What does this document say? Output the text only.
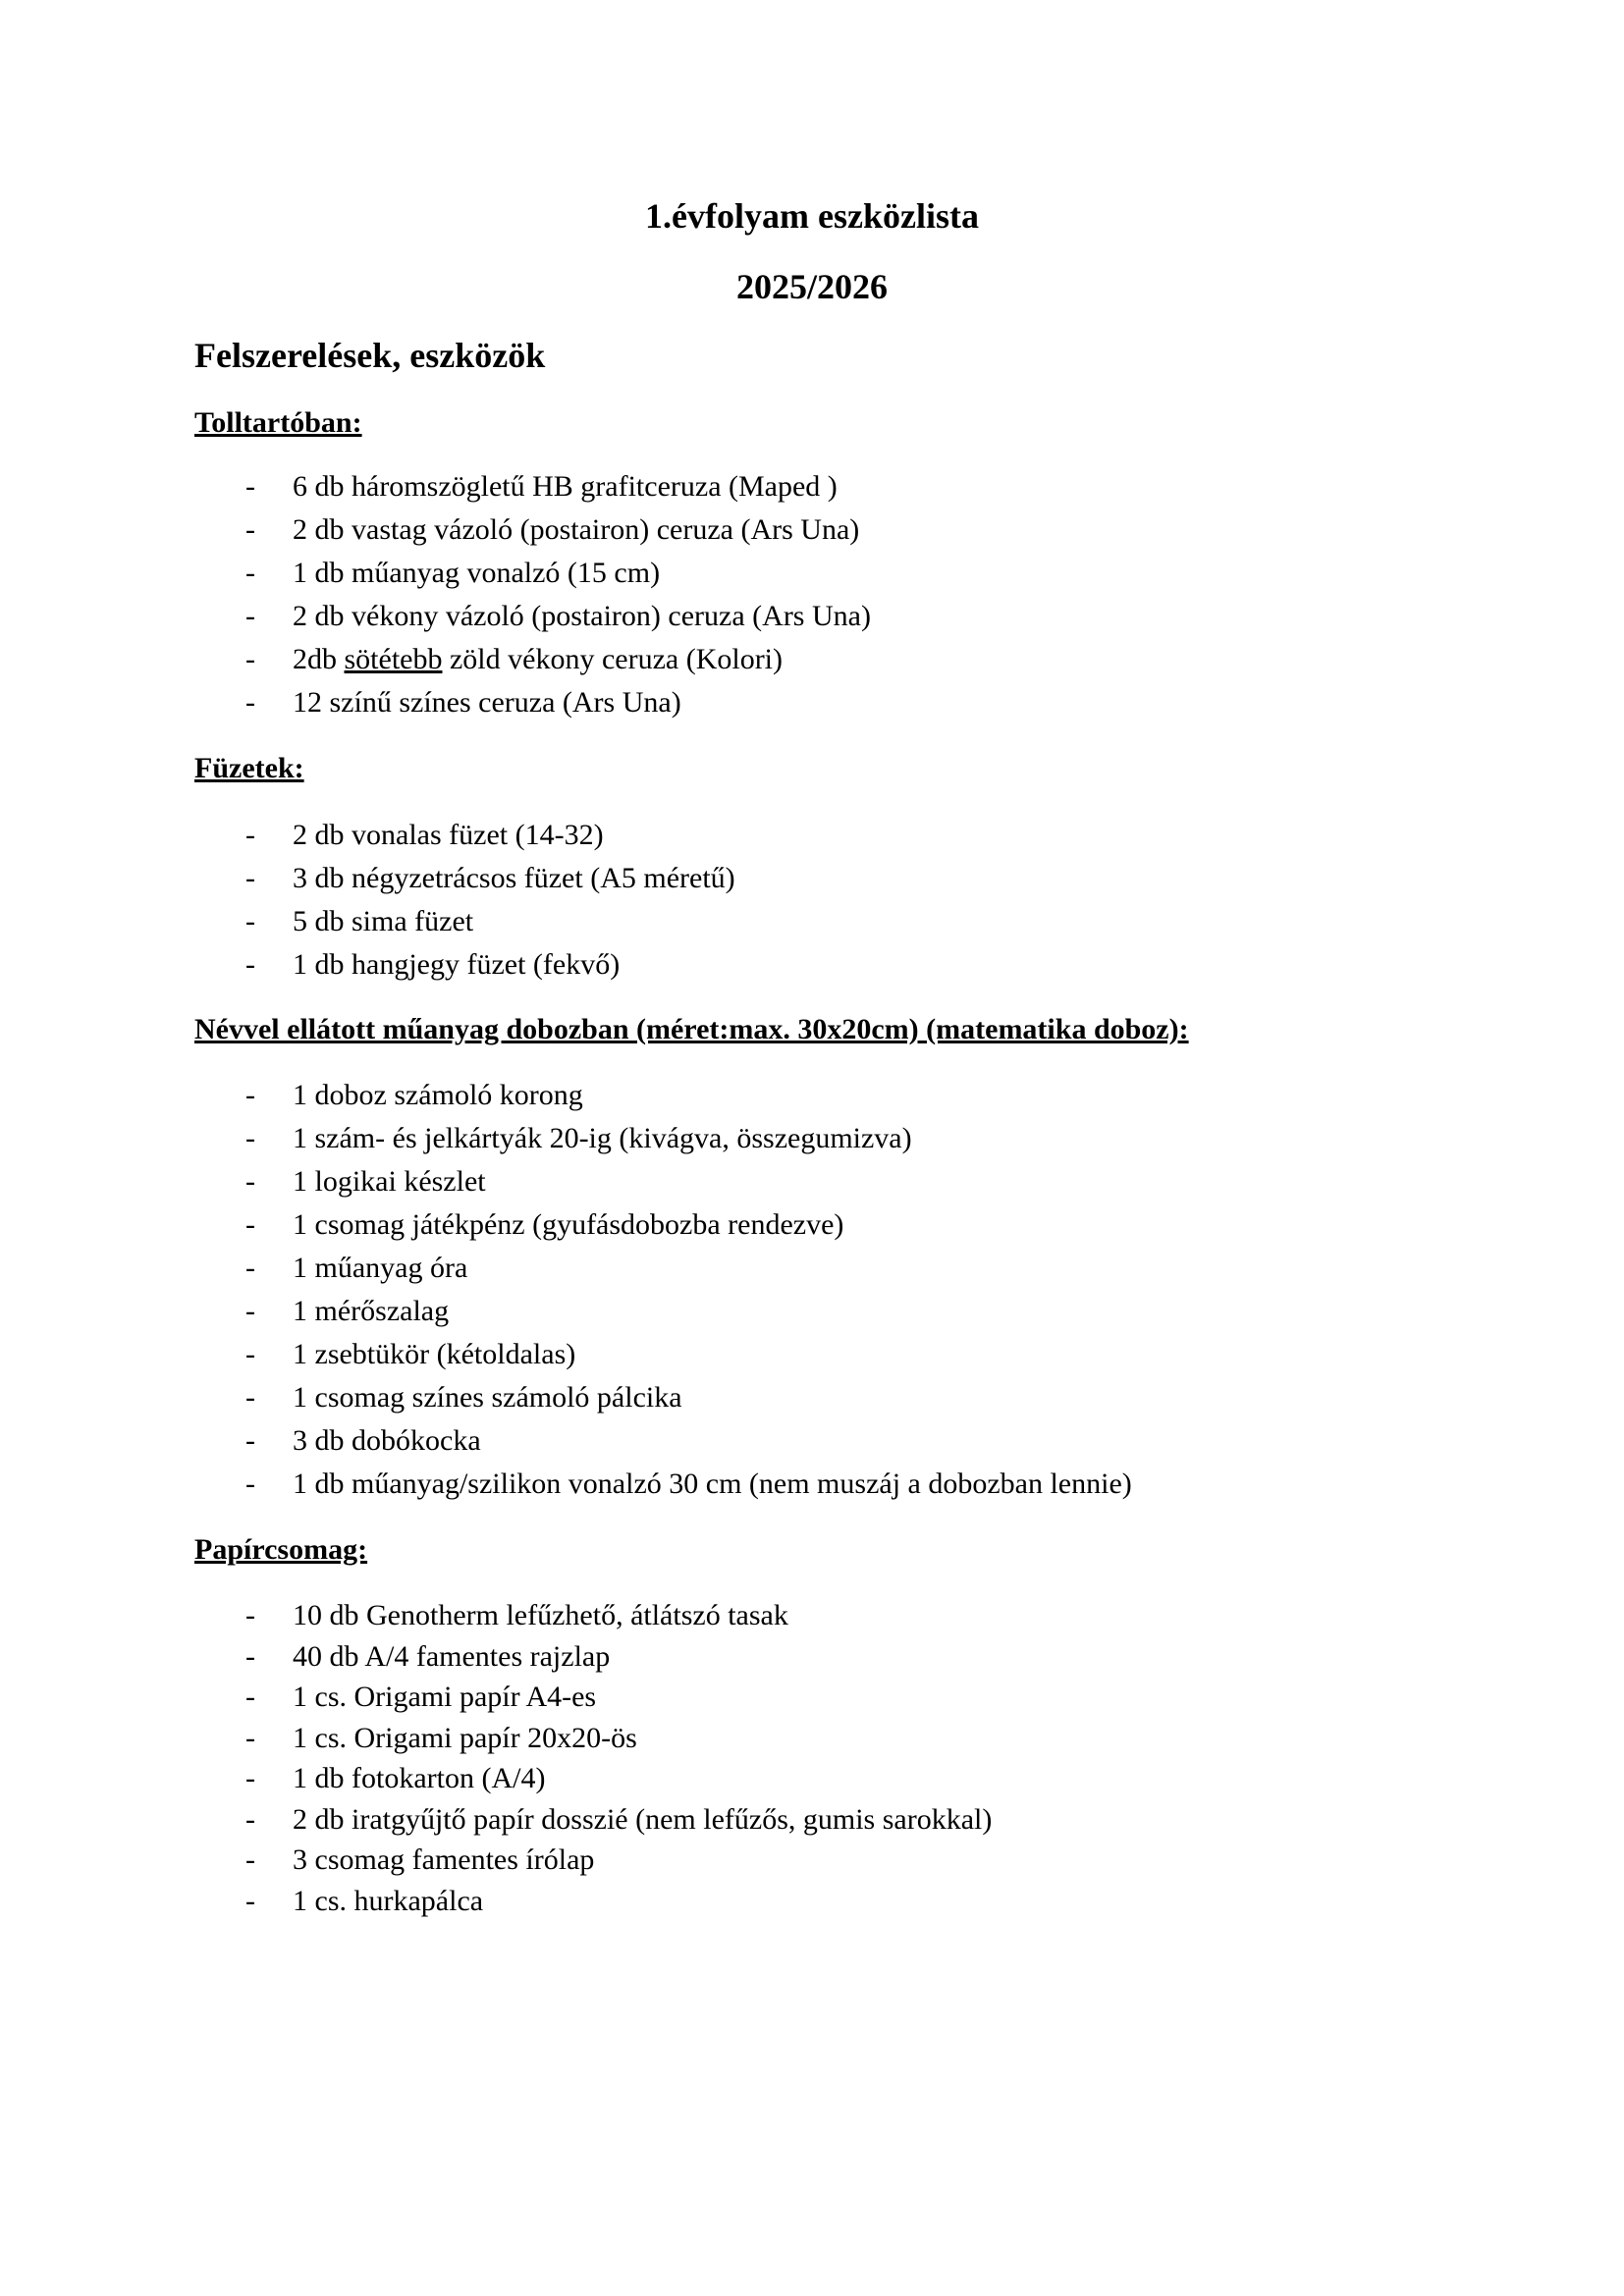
1.évfolyam eszközlista
2025/2026
Felszerelések, eszközök
Tolltartóban:
- 6 db háromszögletű HB grafitceruza (Maped )
- 2 db vastag vázoló (postairon) ceruza (Ars Una)
- 1 db műanyag vonalzó (15 cm)
- 2 db vékony vázoló (postairon) ceruza (Ars Una)
- 2db sötétebb zöld vékony ceruza (Kolori)
- 12 színű színes ceruza (Ars Una)
Füzetek:
- 2 db vonalas füzet (14-32)
- 3 db négyzetrácsos füzet (A5 méretű)
- 5 db sima füzet
- 1 db hangjegy füzet (fekvő)
Névvel ellátott műanyag dobozban (méret:max. 30x20cm) (matematika doboz):
- 1 doboz számoló korong
- 1 szám- és jelkártyák 20-ig (kivágva, összegumizva)
- 1 logikai készlet
- 1 csomag játékpénz (gyufásdobozba rendezve)
- 1 műanyag óra
- 1 mérőszalag
- 1 zsebtükör (kétoldalas)
- 1 csomag színes számoló pálcika
- 3 db dobókocka
- 1 db műanyag/szilikon vonalzó 30 cm (nem muszáj a dobozban lennie)
Papírcsomag:
- 10 db Genotherm lefűzhető, átlátszó tasak
- 40 db A/4 famentes rajzlap
- 1 cs. Origami papír A4-es
- 1 cs. Origami papír 20x20-ös
- 1 db fotokarton (A/4)
- 2 db iratgyűjtő papír dosszié (nem lefűzős, gumis sarokkal)
- 3 csomag famentes írólap
- 1 cs. hurkapálca
